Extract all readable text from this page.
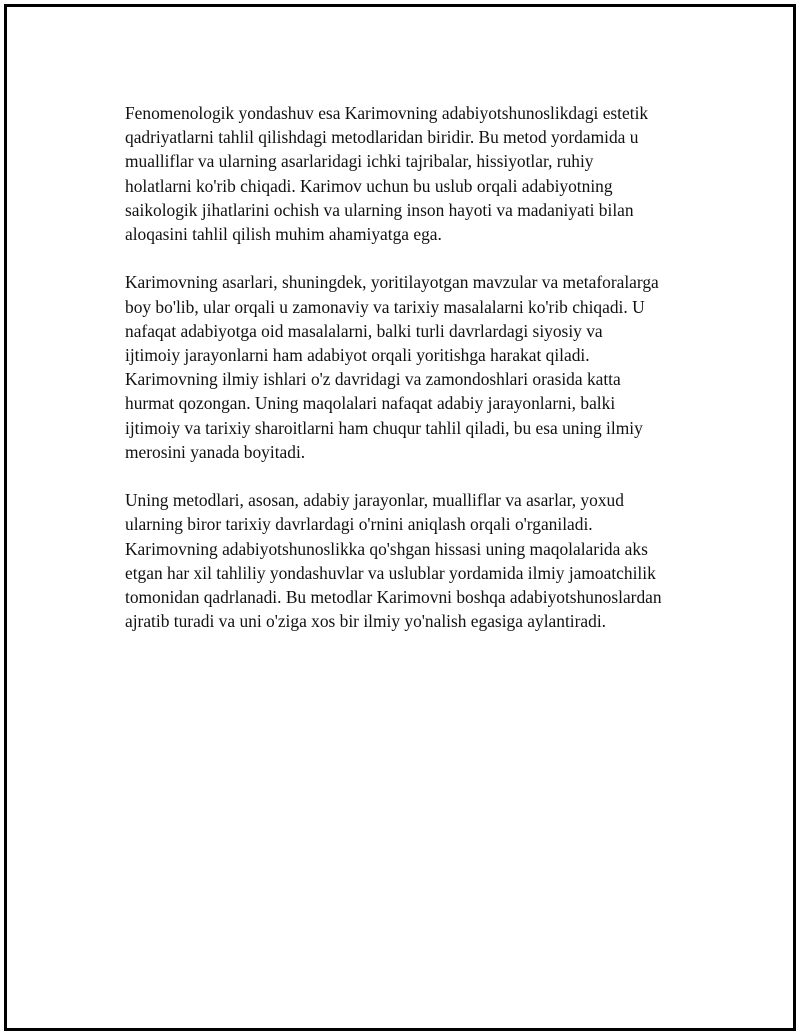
Fenomenologik yondashuv esa Karimovning adabiyotshunoslikdagi estetik
qadriyatlarni tahlil qilishdagi metodlaridan biridir. Bu metod yordamida u
mualliflar va ularning asarlaridagi ichki tajribalar, hissiyotlar, ruhiy
holatlarni ko'rib chiqadi. Karimov uchun bu uslub orqali adabiyotning
saikologik jihatlarini ochish va ularning inson hayoti va madaniyati bilan
aloqasini tahlil qilish muhim ahamiyatga ega.

Karimovning asarlari, shuningdek, yoritilayotgan mavzular va metaforalarga
boy bo'lib, ular orqali u zamonaviy va tarixiy masalalarni ko'rib chiqadi. U
nafaqat adabiyotga oid masalalarni, balki turli davrlardagi siyosiy va
ijtimoiy jarayonlarni ham adabiyot orqali yoritishga harakat qiladi.
Karimovning ilmiy ishlari o'z davridagi va zamondoshlari orasida katta
hurmat qozongan. Uning maqolalari nafaqat adabiy jarayonlarni, balki
ijtimoiy va tarixiy sharoitlarni ham chuqur tahlil qiladi, bu esa uning ilmiy
merosini yanada boyitadi.

Uning metodlari, asosan, adabiy jarayonlar, mualliflar va asarlar, yoxud
ularning biror tarixiy davrlardagi o'rnini aniqlash orqali o'rganiladi.
Karimovning adabiyotshunoslikka qo'shgan hissasi uning maqolalarida aks
etgan har xil tahliliy yondashuvlar va uslublar yordamida ilmiy jamoatchilik
tomonidan qadrlanadi. Bu metodlar Karimovni boshqa adabiyotshunoslardan
ajratib turadi va uni o'ziga xos bir ilmiy yo'nalish egasiga aylantiradi.
